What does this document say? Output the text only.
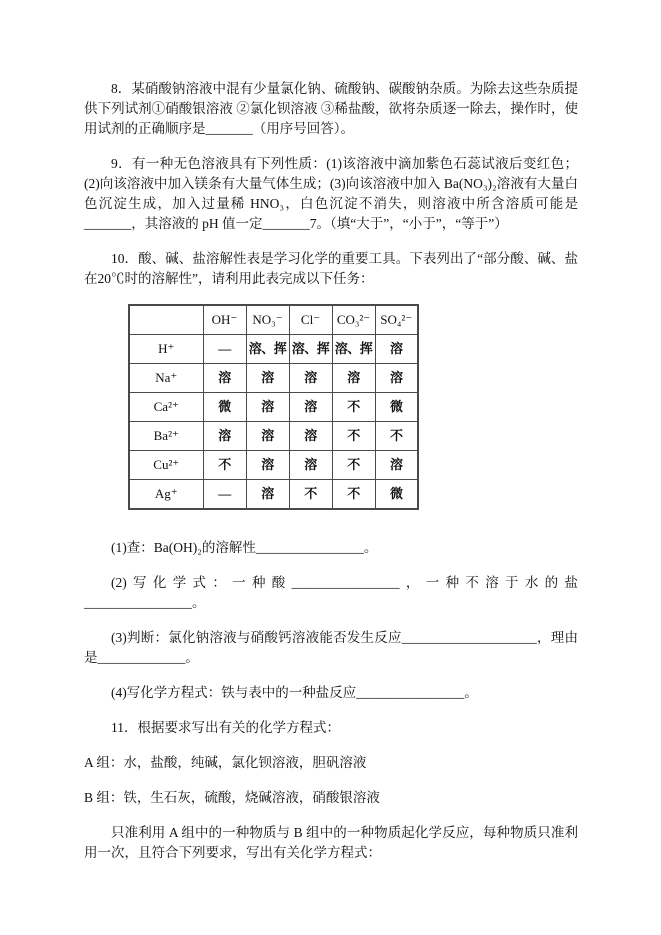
8．某硝酸钠溶液中混有少量氯化钠、硫酸钠、碳酸钠杂质。为除去这些杂质提供下列试剂①硝酸银溶液 ②氯化钡溶液 ③稀盐酸，欲将杂质逐一除去，操作时，使用试剂的正确顺序是_______（用序号回答）。

9．有一种无色溶液具有下列性质：(1)该溶液中滴加紫色石蕊试液后变红色；(2)向该溶液中加入镁条有大量气体生成；(3)向该溶液中加入 Ba(NO₃)₂溶液有大量白色沉淀生成，加入过量稀 HNO₃，白色沉淀不消失，则溶液中所含溶质可能是_______，其溶液的 pH 值一定_______7。（填“大于”，“小于”，“等于”）

10．酸、碱、盐溶解性表是学习化学的重要工具。下表列出了“部分酸、碱、盐在20℃时的溶解性”，请利用此表完成以下任务：

	OH⁻	NO₃⁻	Cl⁻	CO₃²⁻	SO₄²⁻
H⁺	—	溶、挥	溶、挥	溶、挥	溶
Na⁺	溶	溶	溶	溶	溶
Ca²⁺	微	溶	溶	不	微
Ba²⁺	溶	溶	溶	不	不
Cu²⁺	不	溶	溶	不	溶
Ag⁺	—	溶	不	不	微

(1)查：Ba(OH)₂的溶解性________________。

(2)写化学式：一种酸________________，一种不溶于水的盐________________。

(3)判断：氯化钠溶液与硝酸钙溶液能否发生反应____________________，理由是_____________。

(4)写化学方程式：铁与表中的一种盐反应________________。

11．根据要求写出有关的化学方程式：

A 组：水，盐酸，纯碱，氯化钡溶液，胆矾溶液

B 组：铁，生石灰，硫酸，烧碱溶液，硝酸银溶液

只准利用 A 组中的一种物质与 B 组中的一种物质起化学反应，每种物质只准利用一次，且符合下列要求，写出有关化学方程式：
